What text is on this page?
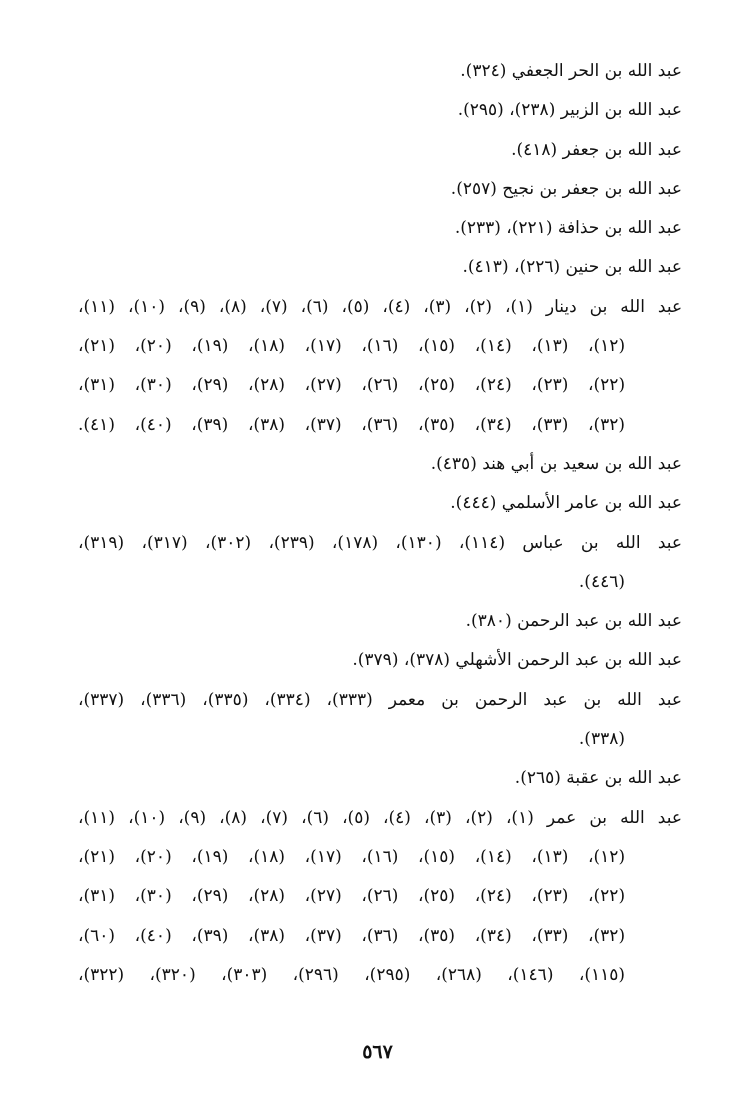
عبد الله بن الحر الجعفي (٣٢٤).
عبد الله بن الزبير (٢٣٨)، (٢٩٥).
عبد الله بن جعفر (٤١٨).
عبد الله بن جعفر بن نجيح (٢٥٧).
عبد الله بن حذافة (٢٢١)، (٢٣٣).
عبد الله بن حنين (٢٢٦)، (٤١٣).
عبد الله بن دينار (١)، (٢)، (٣)، (٤)، (٥)، (٦)، (٧)، (٨)، (٩)، (١٠)، (١١)،
(١٢)، (١٣)، (١٤)، (١٥)، (١٦)، (١٧)، (١٨)، (١٩)، (٢٠)، (٢١)،
(٢٢)، (٢٣)، (٢٤)، (٢٥)، (٢٦)، (٢٧)، (٢٨)، (٢٩)، (٣٠)، (٣١)،
(٣٢)، (٣٣)، (٣٤)، (٣٥)، (٣٦)، (٣٧)، (٣٨)، (٣٩)، (٤٠)، (٤١).
عبد الله بن سعيد بن أبي هند (٤٣٥).
عبد الله بن عامر الأسلمي (٤٤٤).
عبد الله بن عباس (١١٤)، (١٣٠)، (١٧٨)، (٢٣٩)، (٣٠٢)، (٣١٧)، (٣١٩)،
(٤٤٦).
عبد الله بن عبد الرحمن (٣٨٠).
عبد الله بن عبد الرحمن الأشهلي (٣٧٨)، (٣٧٩).
عبد الله بن عبد الرحمن بن معمر (٣٣٣)، (٣٣٤)، (٣٣٥)، (٣٣٦)، (٣٣٧)،
(٣٣٨).
عبد الله بن عقبة (٢٦٥).
عبد الله بن عمر (١)، (٢)، (٣)، (٤)، (٥)، (٦)، (٧)، (٨)، (٩)، (١٠)، (١١)،
(١٢)، (١٣)، (١٤)، (١٥)، (١٦)، (١٧)، (١٨)، (١٩)، (٢٠)، (٢١)،
(٢٢)، (٢٣)، (٢٤)، (٢٥)، (٢٦)، (٢٧)، (٢٨)، (٢٩)، (٣٠)، (٣١)،
(٣٢)، (٣٣)، (٣٤)، (٣٥)، (٣٦)، (٣٧)، (٣٨)، (٣٩)، (٤٠)، (٦٠)،
(١١٥)، (١٤٦)، (٢٦٨)، (٢٩٥)، (٢٩٦)، (٣٠٣)، (٣٢٠)، (٣٢٢)،
٥٦٧
